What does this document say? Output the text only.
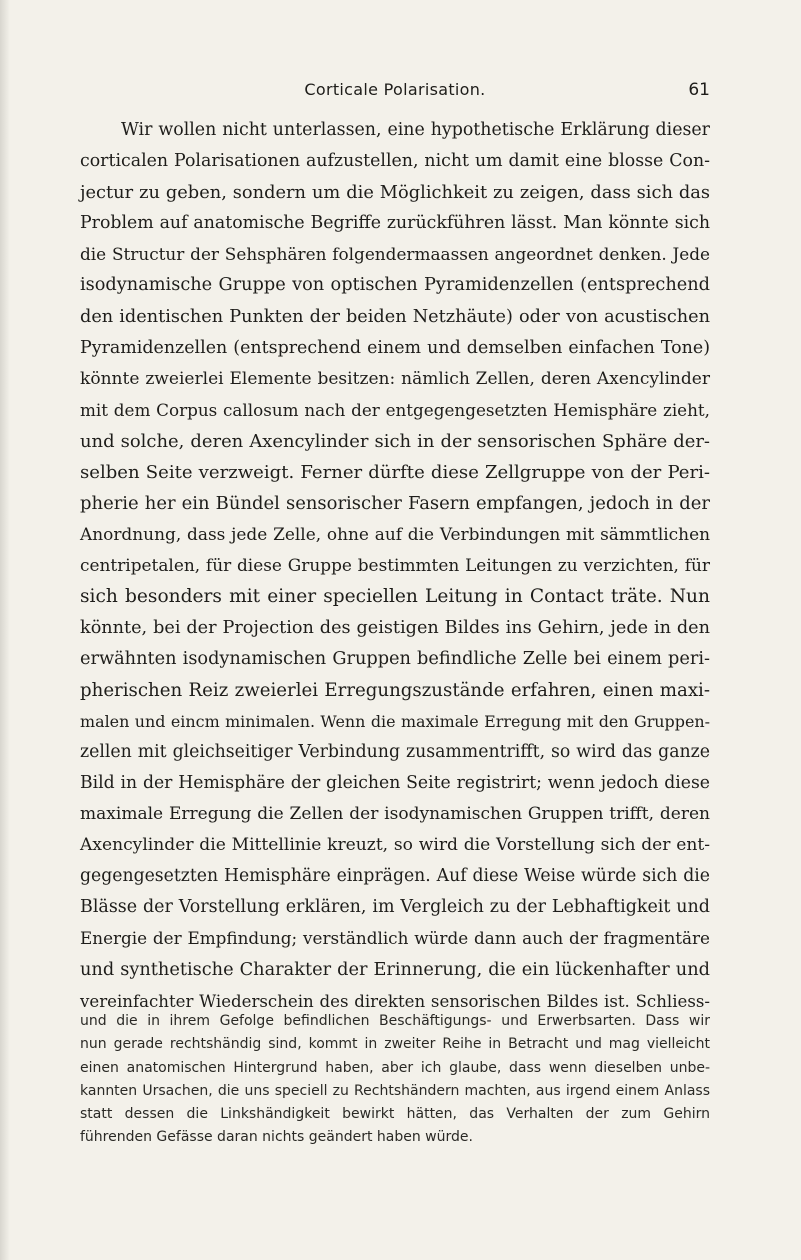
Corticale Polarisation.	61
Wir wollen nicht unterlassen, eine hypothetische Erklärung dieser
corticalen Polarisationen aufzustellen, nicht um damit eine blosse Con-
jectur zu geben, sondern um die Möglichkeit zu zeigen, dass sich das
Problem auf anatomische Begriffe zurückführen lässt. Man könnte sich
die Structur der Sehsphären folgendermaassen angeordnet denken. Jede
isodynamische Gruppe von optischen Pyramidenzellen (entsprechend
den identischen Punkten der beiden Netzhäute) oder von acustischen
Pyramidenzellen (entsprechend einem und demselben einfachen Tone)
könnte zweierlei Elemente besitzen: nämlich Zellen, deren Axencylinder
mit dem Corpus callosum nach der entgegengesetzten Hemisphäre zieht,
und solche, deren Axencylinder sich in der sensorischen Sphäre der-
selben Seite verzweigt. Ferner dürfte diese Zellgruppe von der Peri-
pherie her ein Bündel sensorischer Fasern empfangen, jedoch in der
Anordnung, dass jede Zelle, ohne auf die Verbindungen mit sämmtlichen
centripetalen, für diese Gruppe bestimmten Leitungen zu verzichten, für
sich besonders mit einer speciellen Leitung in Contact träte. Nun
könnte, bei der Projection des geistigen Bildes ins Gehirn, jede in den
erwähnten isodynamischen Gruppen befindliche Zelle bei einem peri-
pherischen Reiz zweierlei Erregungszustände erfahren, einen maxi-
malen und eincm minimalen. Wenn die maximale Erregung mit den Gruppen-
zellen mit gleichseitiger Verbindung zusammentrifft, so wird das ganze
Bild in der Hemisphäre der gleichen Seite registrirt; wenn jedoch diese
maximale Erregung die Zellen der isodynamischen Gruppen trifft, deren
Axencylinder die Mittellinie kreuzt, so wird die Vorstellung sich der ent-
gegengesetzten Hemisphäre einprägen. Auf diese Weise würde sich die
Blässe der Vorstellung erklären, im Vergleich zu der Lebhaftigkeit und
Energie der Empfindung; verständlich würde dann auch der fragmentäre
und synthetische Charakter der Erinnerung, die ein lückenhafter und
vereinfachter Wiederschein des direkten sensorischen Bildes ist. Schliess-
und die in ihrem Gefolge befindlichen Beschäftigungs- und Erwerbsarten. Dass wir
nun gerade rechtshändig sind, kommt in zweiter Reihe in Betracht und mag vielleicht
einen anatomischen Hintergrund haben, aber ich glaube, dass wenn dieselben unbe-
kannten Ursachen, die uns speciell zu Rechtshändern machten, aus irgend einem Anlass
statt dessen die Linkshändigkeit bewirkt hätten, das Verhalten der zum Gehirn
führenden Gefässe daran nichts geändert haben würde.
